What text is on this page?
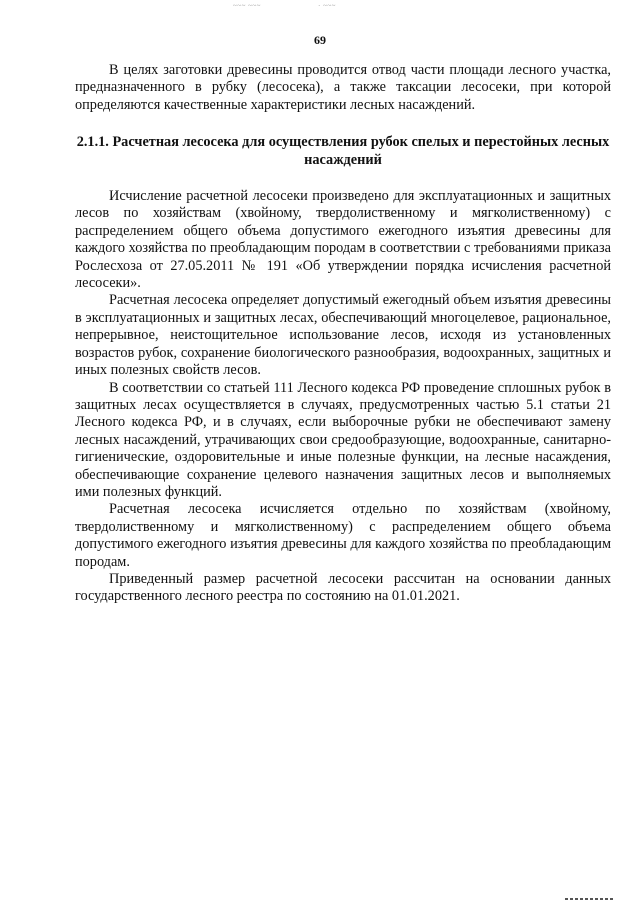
~~~ ~~~	· ~~~
69

В целях заготовки древесины проводится отвод части площади лесного участка, предназначенного в рубку (лесосека), а также таксации лесосеки, при которой определяются качественные характеристики лесных насаждений.

2.1.1. Расчетная лесосека для осуществления рубок спелых и перестойных лесных насаждений

Исчисление расчетной лесосеки произведено для эксплуатационных и защитных лесов по хозяйствам (хвойному, твердолиственному и мягколиственному) с распределением общего объема допустимого ежегодного изъятия древесины для каждого хозяйства по преобладающим породам в соответствии с требованиями приказа Рослесхоза от 27.05.2011 № 191 «Об утверждении порядка исчисления расчетной лесосеки».

Расчетная лесосека определяет допустимый ежегодный объем изъятия древесины в эксплуатационных и защитных лесах, обеспечивающий многоцелевое, рациональное, непрерывное, неистощительное использование лесов, исходя из установленных возрастов рубок, сохранение биологического разнообразия, водоохранных, защитных и иных полезных свойств лесов.

В соответствии со статьей 111 Лесного кодекса РФ проведение сплошных рубок в защитных лесах осуществляется в случаях, предусмотренных частью 5.1 статьи 21 Лесного кодекса РФ, и в случаях, если выборочные рубки не обеспечивают замену лесных насаждений, утрачивающих свои средообразующие, водоохранные, санитарно-гигиенические, оздоровительные и иные полезные функции, на лесные насаждения, обеспечивающие сохранение целевого назначения защитных лесов и выполняемых ими полезных функций.

Расчетная лесосека исчисляется отдельно по хозяйствам (хвойному, твердолиственному и мягколиственному) с распределением общего объема допустимого ежегодного изъятия древесины для каждого хозяйства по преобладающим породам.

Приведенный размер расчетной лесосеки рассчитан на основании данных государственного лесного реестра по состоянию на 01.01.2021.
